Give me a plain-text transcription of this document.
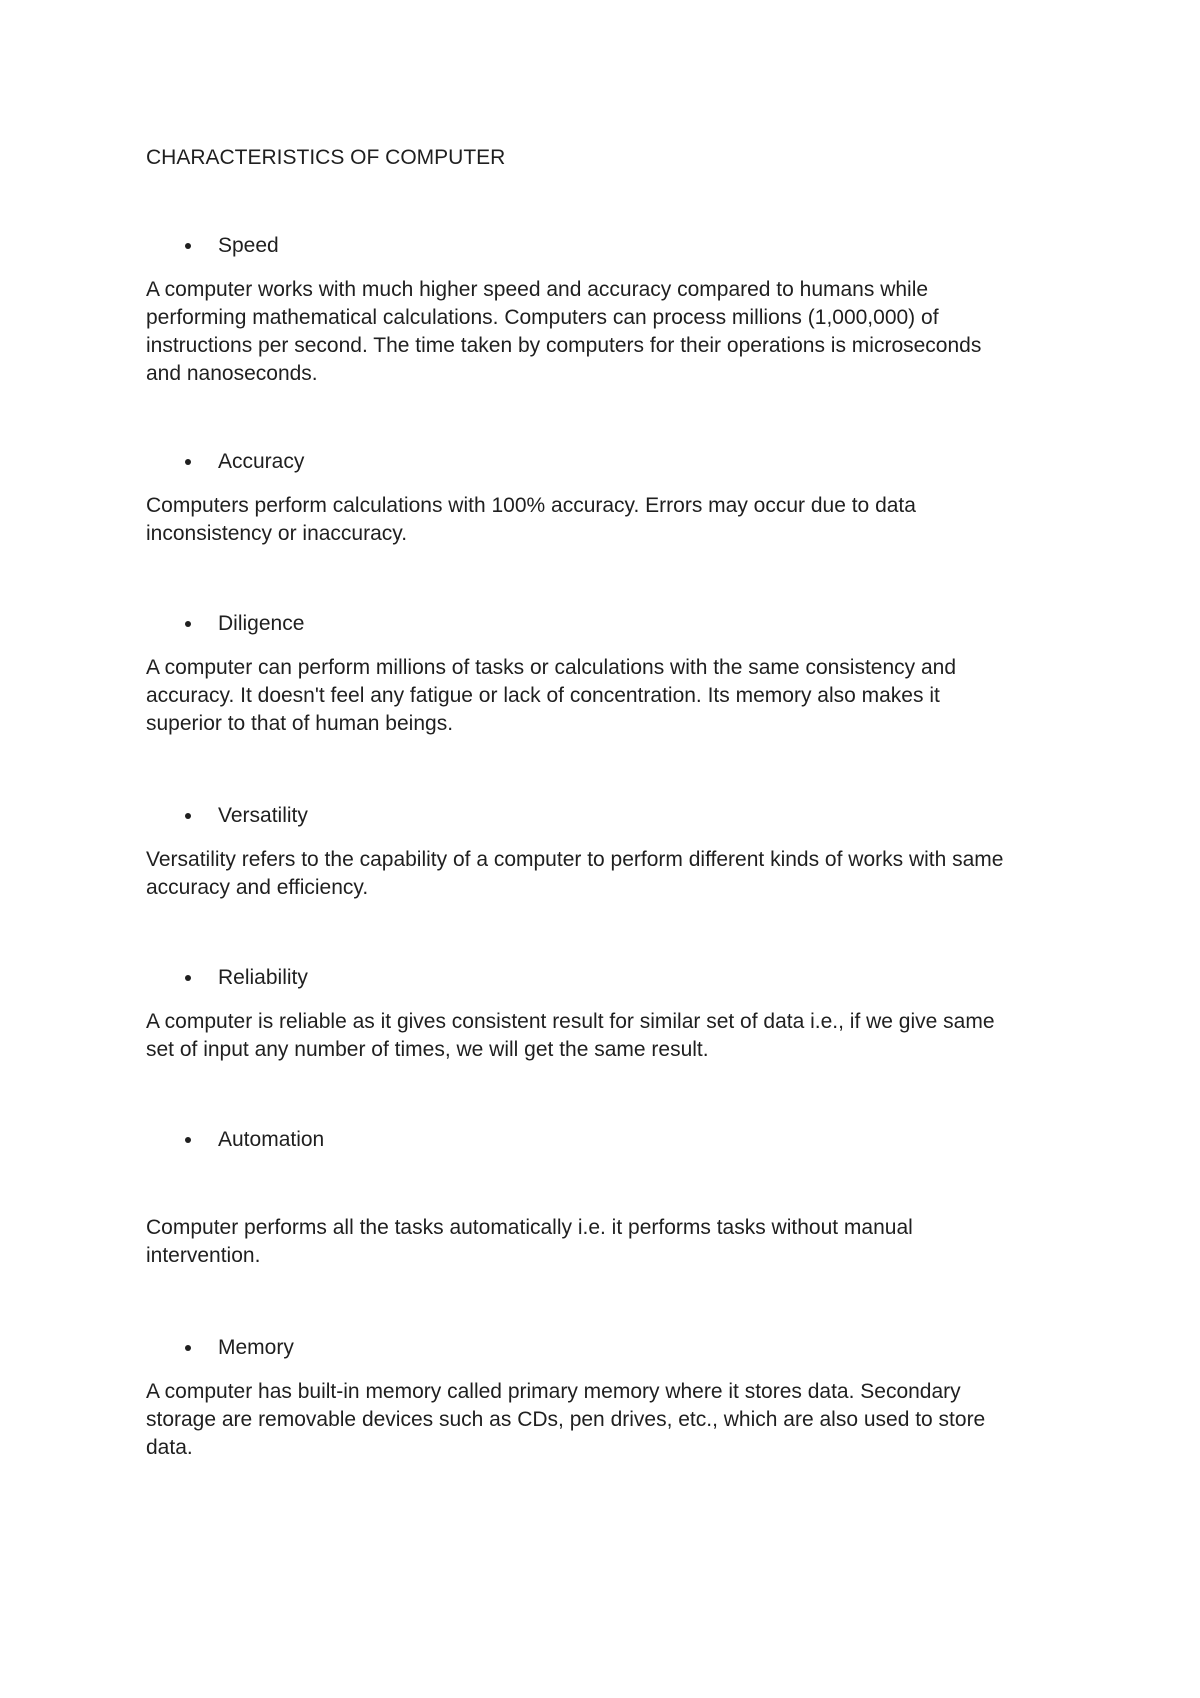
CHARACTERISTICS OF COMPUTER
Speed

A computer works with much higher speed and accuracy compared to humans while
performing mathematical calculations. Computers can process millions (1,000,000) of
instructions per second. The time taken by computers for their operations is microseconds
and nanoseconds.

Accuracy

Computers perform calculations with 100% accuracy. Errors may occur due to data
inconsistency or inaccuracy.

Diligence

A computer can perform millions of tasks or calculations with the same consistency and
accuracy. It doesn't feel any fatigue or lack of concentration. Its memory also makes it
superior to that of human beings.

Versatility

Versatility refers to the capability of a computer to perform different kinds of works with same
accuracy and efficiency.

Reliability

A computer is reliable as it gives consistent result for similar set of data i.e., if we give same
set of input any number of times, we will get the same result.

Automation

Computer performs all the tasks automatically i.e. it performs tasks without manual
intervention.

Memory

A computer has built-in memory called primary memory where it stores data. Secondary
storage are removable devices such as CDs, pen drives, etc., which are also used to store
data.
